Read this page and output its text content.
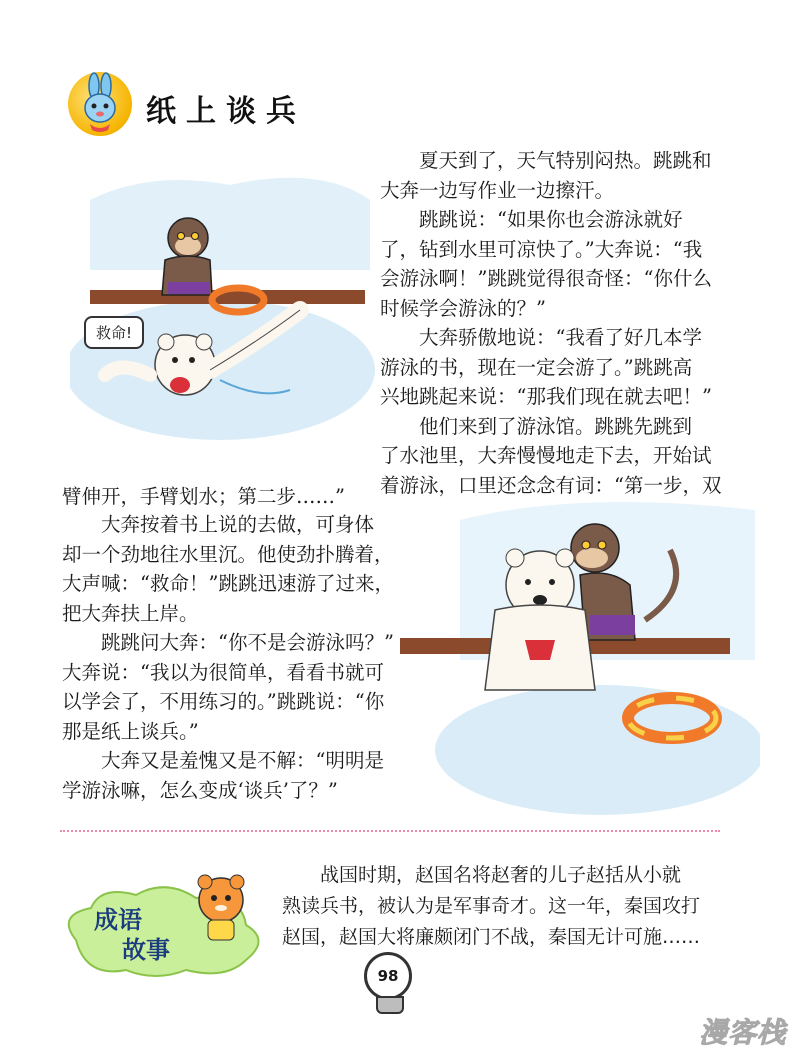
纸上谈兵
救命!

夏天到了，天气特别闷热。跳跳和

大奔一边写作业一边擦汗。

跳跳说：“如果你也会游泳就好

了，钻到水里可凉快了。”大奔说：“我

会游泳啊！”跳跳觉得很奇怪：“你什么

时候学会游泳的？”

大奔骄傲地说：“我看了好几本学

游泳的书，现在一定会游了。”跳跳高

兴地跳起来说：“那我们现在就去吧！”

他们来到了游泳馆。跳跳先跳到

了水池里，大奔慢慢地走下去，开始试

着游泳，口里还念念有词：“第一步，双

臂伸开，手臂划水；第二步……”

大奔按着书上说的去做，可身体

却一个劲地往水里沉。他使劲扑腾着，

大声喊：“救命！”跳跳迅速游了过来，

把大奔扶上岸。

跳跳问大奔：“你不是会游泳吗？”

大奔说：“我以为很简单，看看书就可

以学会了，不用练习的。”跳跳说：“你

那是纸上谈兵。”

大奔又是羞愧又是不解：“明明是

学游泳嘛，怎么变成‘谈兵’了？”

成语
故事

战国时期，赵国名将赵奢的儿子赵括从小就

熟读兵书，被认为是军事奇才。这一年，秦国攻打

赵国，赵国大将廉颇闭门不战，秦国无计可施……

98
漫客栈
